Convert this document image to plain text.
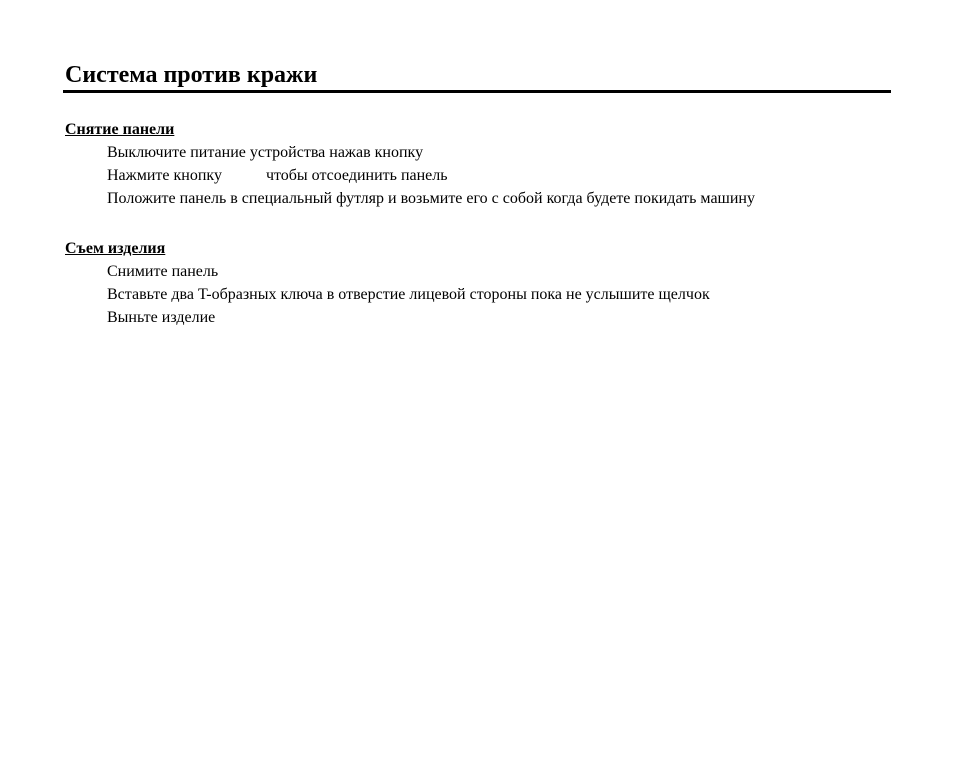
Система против кражи

Снятие панели

Выключите питание устройства нажав кнопку

Нажмите кнопку	чтобы отсоединить панель

Положите панель в специальный футляр и возьмите его с собой когда будете покидать машину

Съем изделия

Снимите панель

Вставьте два T-образных ключа в отверстие лицевой стороны пока не услышите щелчок

Выньте изделие
